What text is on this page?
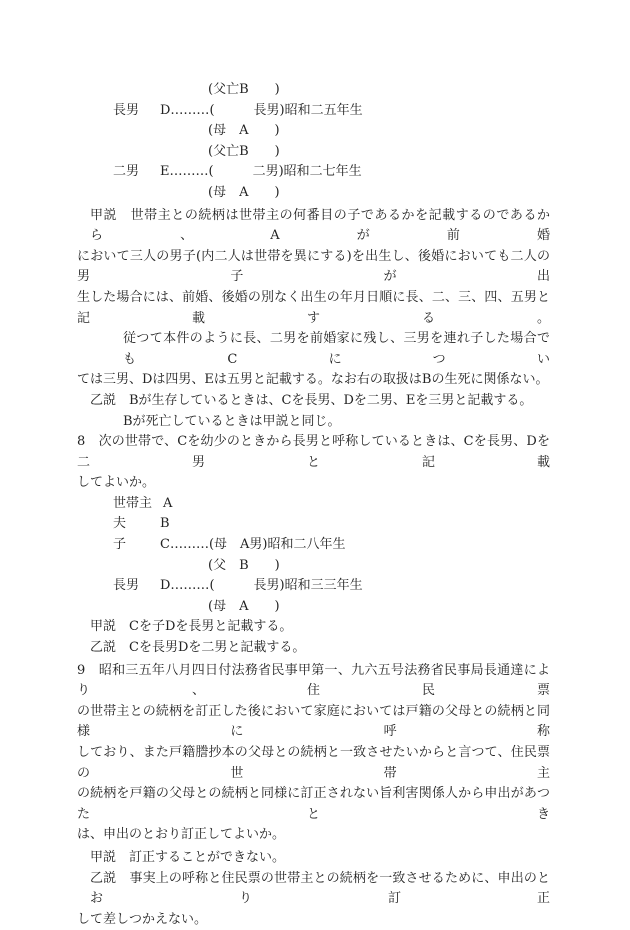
(父亡B　　)
長男	D……… (　　　長男)昭和二五年生
(母　A　　)
(父亡B　　)
二男	E……… (　　　二男)昭和二七年生
(母　A　　)
甲説　世帯主との続柄は世帯主の何番目の子であるかを記載するのであるから、Aが前婚
において三人の男子(内二人は世帯を異にする)を出生し、後婚においても二人の男子が出
生した場合には、前婚、後婚の別なく出生の年月日順に長、二、三、四、五男と記載する。
従つて本件のように長、二男を前婚家に残し、三男を連れ子した場合でもCについ
ては三男、Dは四男、Eは五男と記載する。なお右の取扱はBの生死に関係ない。
乙説　Bが生存しているときは、Cを長男、Dを二男、Eを三男と記載する。
Bが死亡しているときは甲説と同じ。
8　次の世帯で、Cを幼少のときから長男と呼称しているときは、Cを長男、Dを二男と記載
してよいか。
世帯主 A
夫	B
子	C……… (母　A男)昭和二八年生
(父　B　　)
長男	D……… (　　　長男)昭和三三年生
(母　A　　)
甲説　Cを子Dを長男と記載する。
乙説　Cを長男Dを二男と記載する。
9　昭和三五年八月四日付法務省民事甲第一、九六五号法務省民事局長通達により、住民票
の世帯主との続柄を訂正した後において家庭においては戸籍の父母との続柄と同様に呼称
しており、また戸籍謄抄本の父母との続柄と一致させたいからと言つて、住民票の世帯主
の続柄を戸籍の父母との続柄と同様に訂正されない旨利害関係人から申出があつたとき
は、申出のとおり訂正してよいか。
甲説　訂正することができない。
乙説　事実上の呼称と住民票の世帯主との続柄を一致させるために、申出のとおり訂正
して差しつかえない。
